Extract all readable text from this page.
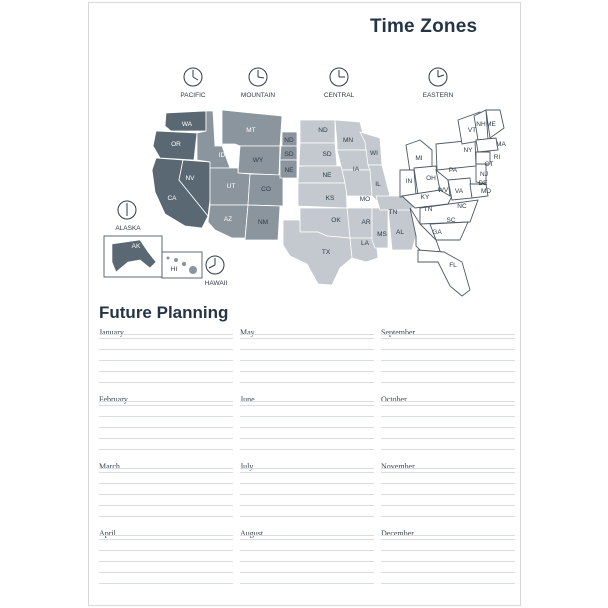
Time Zones
PACIFIC	MOUNTAIN	CENTRAL	EASTERN
ALASKA
HAWAII
WA
OR
CA
NV
ID
MT
WY
UT	CO
AZ	NM
ND
SD
NE
ND
SD
NE
KS
OK
TX
MN
IA
MO
AR
LA
WI
IL
MS AL
TN
MI
IN OH
KY
WV VA
PA
NY
VT
NH ME
MA
RI
CT
NJ
DE
MD
NC
SC
GA
FL
TN
AK
HI
Future Planning
January
February
March
April
May
June
July
August
September
October
November
December
